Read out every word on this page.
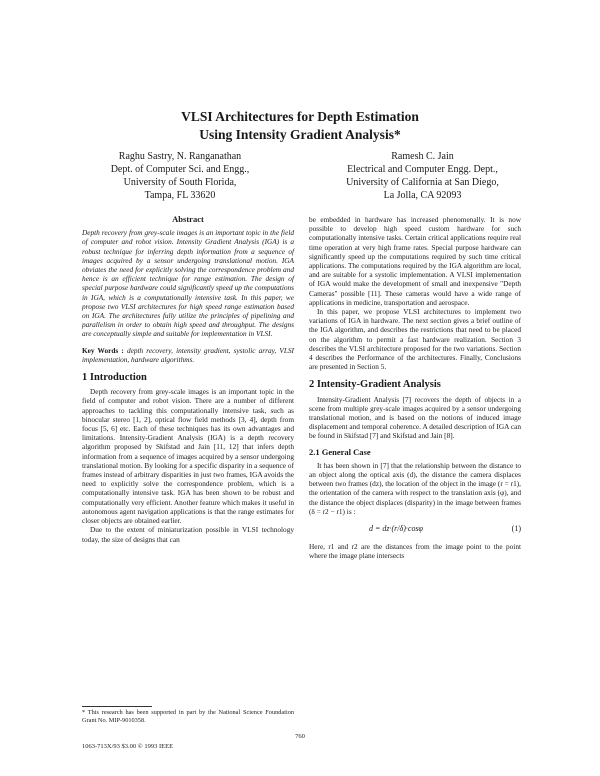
VLSI Architectures for Depth Estimation
Using Intensity Gradient Analysis*
Raghu Sastry, N. Ranganathan
Dept. of Computer Sci. and Engg.,
University of South Florida,
Tampa, FL 33620
Ramesh C. Jain
Electrical and Computer Engg. Dept.,
University of California at San Diego,
La Jolla, CA 92093
Abstract

Depth recovery from grey-scale images is an important topic in the field of computer and robot vision. Intensity Gradient Analysis (IGA) is a robust technique for inferring depth information from a sequence of images acquired by a sensor undergoing translational motion. IGA obviates the need for explicitly solving the correspondence problem and hence is an efficient technique for range estimation. The design of special purpose hardware could significantly speed up the computations in IGA, which is a computationally intensive task. In this paper, we propose two VLSI architectures for high speed range estimation based on IGA. The architectures fully utilize the principles of pipelining and parallelism in order to obtain high speed and throughput. The designs are conceptually simple and suitable for implementation in VLSI.

Key Words : depth recovery, intensity gradient, systolic array, VLSI implementation, hardware algorithms.

1 Introduction

Depth recovery from grey-scale images is an important topic in the field of computer and robot vision. There are a number of different approaches to tackling this computationally intensive task, such as binocular stereo [1, 2], optical flow field methods [3, 4], depth from focus [5, 6] etc. Each of these techniques has its own advantages and limitations. Intensity-Gradient Analysis (IGA) is a depth recovery algorithm proposed by Skifstad and Jain [11, 12] that infers depth information from a sequence of images acquired by a sensor undergoing translational motion. By looking for a specific disparity in a sequence of frames instead of arbitrary disparities in just two frames, IGA avoids the need to explicitly solve the correspondence problem, which is a computationally intensive task. IGA has been shown to be robust and computationally very efficient. Another feature which makes it useful in autonomous agent navigation applications is that the range estimates for closer objects are obtained earlier.

Due to the extent of miniaturization possible in VLSI technology today, the size of designs that can

* This research has been supported in part by the National Science Foundation Grant No. MIP-9010358.

be embedded in hardware has increased phenomenally. It is now possible to develop high speed custom hardware for such computationally intensive tasks. Certain critical applications require real time operation at very high frame rates. Special purpose hardware can significantly speed up the computations required by such time critical applications. The computations required by the IGA algorithm are local, and are suitable for a systolic implementation. A VLSI implementation of IGA would make the development of small and inexpensive "Depth Cameras" possible [11]. These cameras would have a wide range of applications in medicine, transportation and aerospace.

In this paper, we propose VLSI architectures to implement two variations of IGA in hardware. The next section gives a brief outline of the IGA algorithm, and describes the restrictions that need to be placed on the algorithm to permit a fast hardware realization. Section 3 describes the VLSI architecture proposed for the two variations. Section 4 describes the Performance of the architectures. Finally, Conclusions are presented in Section 5.

2 Intensity-Gradient Analysis

Intensity-Gradient Analysis [7] recovers the depth of objects in a scene from multiple grey-scale images acquired by a sensor undergoing translational motion, and is based on the notions of induced image displacement and temporal coherence. A detailed description of IGA can be found in Skifstad [7] and Skifstad and Jain [8].

2.1 General Case

It has been shown in [7] that the relationship between the distance to an object along the optical axis (d), the distance the camera displaces between two frames (dz), the location of the object in the image (r = r1), the orientation of the camera with respect to the translation axis (φ), and the distance the object displaces (disparity) in the image between frames (δ = r2 − r1) is :

d = dz·(r/δ)·cosφ	(1)

Here, r1 and r2 are the distances from the image point to the point where the image plane intersects

1063-713X/93 $3.00 © 1993 IEEE
760
